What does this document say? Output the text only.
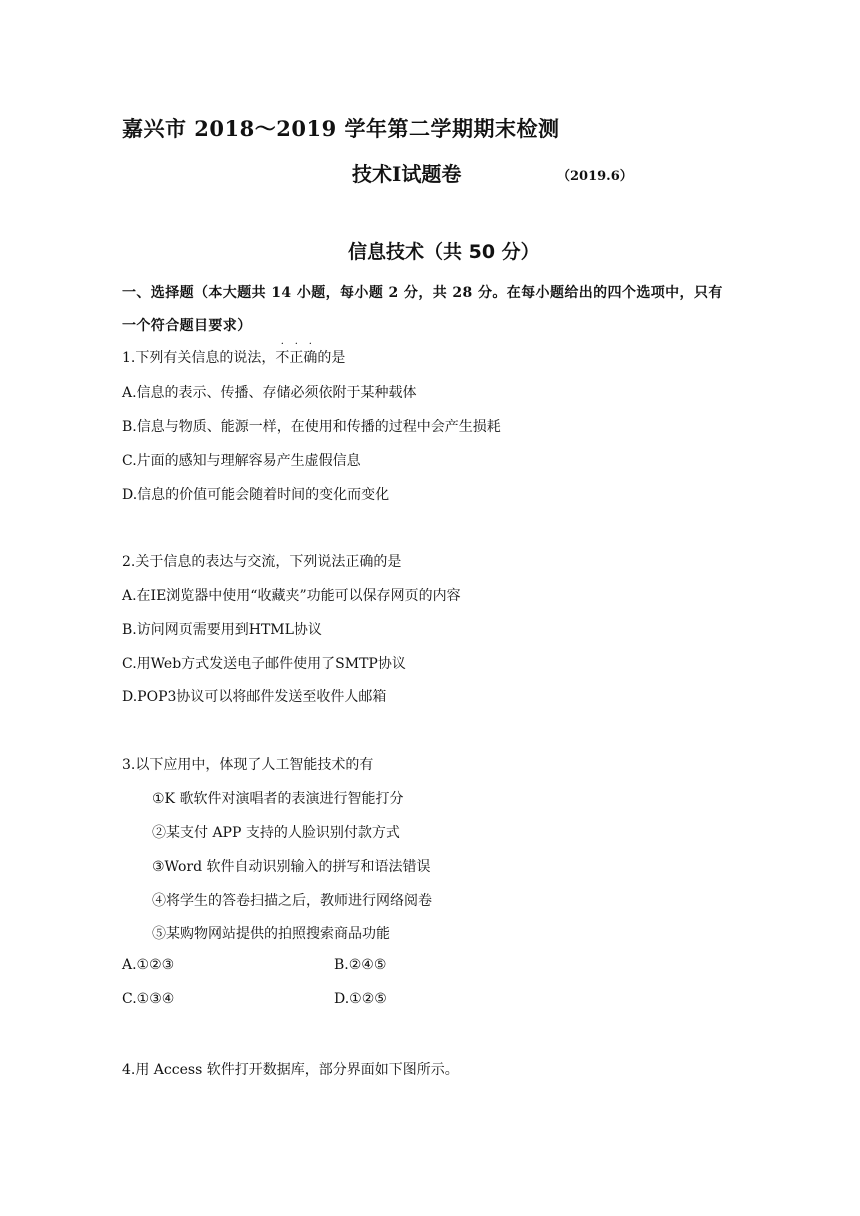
嘉兴市 2018～2019 学年第二学期期末检测
技术Ⅰ试题卷	（2019.6）
信息技术（共 50 分）
一、选择题（本大题共 14 小题，每小题 2 分，共 28 分。在每小题给出的四个选项中，只有
一个符合题目要求）
1.下列有关信息的说法，
· · ·
不正确的是
A.信息的表示、传播、存储必须依附于某种载体
B.信息与物质、能源一样，在使用和传播的过程中会产生损耗
C.片面的感知与理解容易产生虚假信息
D.信息的价值可能会随着时间的变化而变化
2.关于信息的表达与交流，下列说法正确的是
A.在IE浏览器中使用“收藏夹”功能可以保存网页的内容
B.访问网页需要用到HTML协议
C.用Web方式发送电子邮件使用了SMTP协议
D.POP3协议可以将邮件发送至收件人邮箱
3.以下应用中，体现了人工智能技术的有
①K 歌软件对演唱者的表演进行智能打分
②某支付 APP 支持的人脸识别付款方式
③Word 软件自动识别输入的拼写和语法错误
④将学生的答卷扫描之后，教师进行网络阅卷
⑤某购物网站提供的拍照搜索商品功能
A.①②③	B.②④⑤
C.①③④	D.①②⑤
4.用 Access 软件打开数据库，部分界面如下图所示。
